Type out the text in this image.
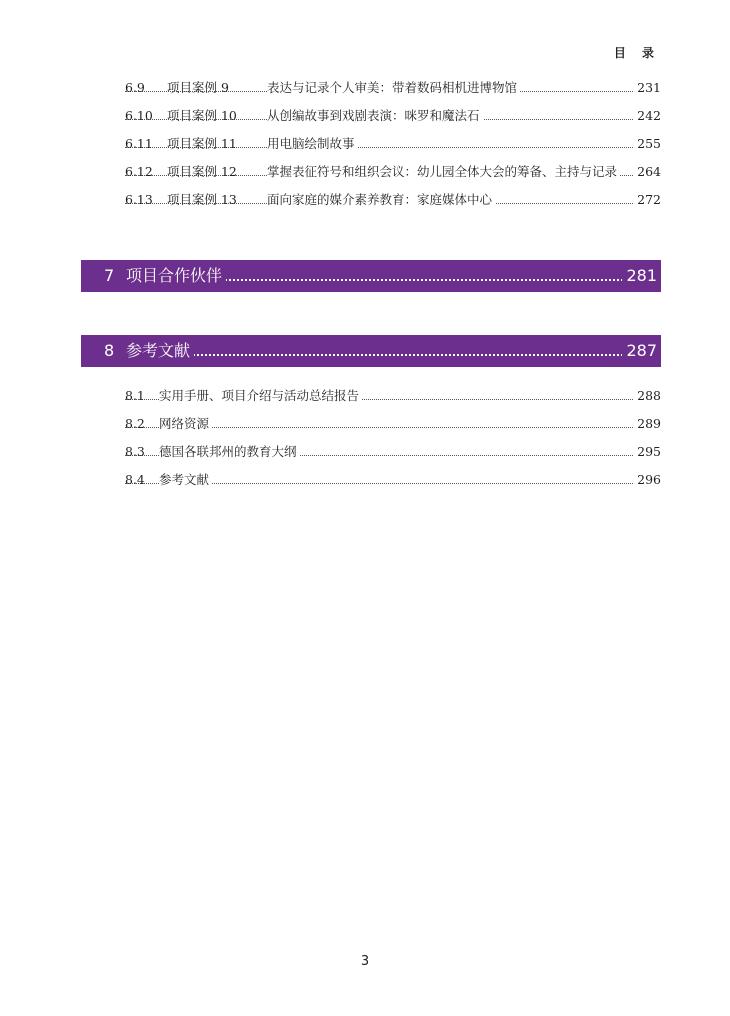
目 录
6.9 项目案例 9	表达与记录个人审美：带着数码相机进博物馆	231
6.10 项目案例 10 从创编故事到戏剧表演：咪罗和魔法石	242
6.11 项目案例 11 用电脑绘制故事	255
6.12 项目案例 12 掌握表征符号和组织会议：幼儿园全体大会的筹备、主持与记录 264
6.13 项目案例 13 面向家庭的媒介素养教育：家庭媒体中心	272
7 项目合作伙伴	281
8 参考文献	287
8.1 实用手册、项目介绍与活动总结报告	288
8.2 网络资源	289
8.3 德国各联邦州的教育大纲	295
8.4 参考文献	296
3
